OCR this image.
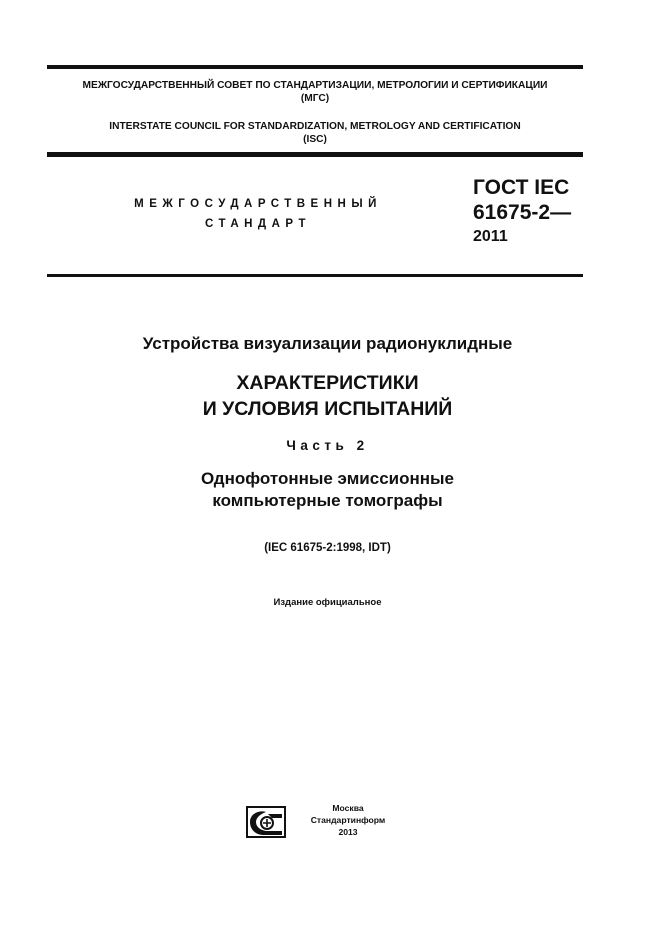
МЕЖГОСУДАРСТВЕННЫЙ СОВЕТ ПО СТАНДАРТИЗАЦИИ, МЕТРОЛОГИИ И СЕРТИФИКАЦИИ
(МГС)
INTERSTATE COUNCIL FOR STANDARDIZATION, METROLOGY AND CERTIFICATION
(ISC)
МЕЖГОСУДАРСТВЕННЫЙ
СТАНДАРТ
ГОСТ IEC
61675-2—
2011
Устройства визуализации радионуклидные
ХАРАКТЕРИСТИКИ
И УСЛОВИЯ ИСПЫТАНИЙ
Часть 2
Однофотонные эмиссионные
компьютерные томографы
(IEC 61675-2:1998, IDT)
Издание официальное
Москва
Стандартинформ
2013
